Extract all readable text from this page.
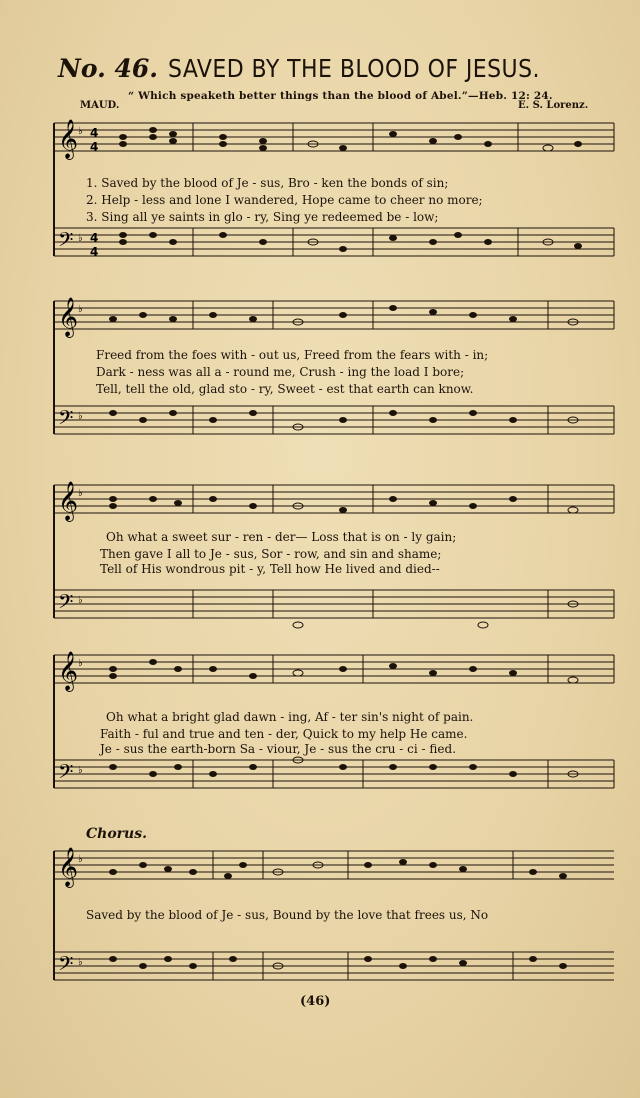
No. 46. SAVED BY THE BLOOD OF JESUS.
“ Which speaketh better things than the blood of Abel.”—Heb. 12: 24.
MAUD.	E. S. Lorenz.
𝄞
𝄢
♭
♭
4
4
4
4
1. Saved by the blood of Je - sus, Bro - ken the bonds of sin;
2. Help - less and lone I wandered, Hope came to cheer no more;
3. Sing all ye saints in glo - ry, Sing ye redeemed be - low;
𝄞
𝄢
♭
♭
Freed from the foes with - out us, Freed from the fears with - in;
Dark - ness was all a - round me, Crush - ing the load I bore;
Tell, tell the old, glad sto - ry, Sweet - est that earth can know.
𝄞
𝄢
♭
♭
Oh what a sweet sur - ren - der— Loss that is on - ly gain;
Then gave I all to Je - sus, Sor - row, and sin and shame;
Tell of His wondrous pit - y, Tell how He lived and died--
𝄞
𝄢
♭
♭
Oh what a bright glad dawn - ing, Af - ter sin's night of pain.
Faith - ful and true and ten - der, Quick to my help He came.
Je - sus the earth-born Sa - viour, Je - sus the cru - ci - fied.
Chorus.
𝄞
𝄢
♭
♭
Saved by the blood of Je - sus, Bound by the love that frees us, No
(46)
